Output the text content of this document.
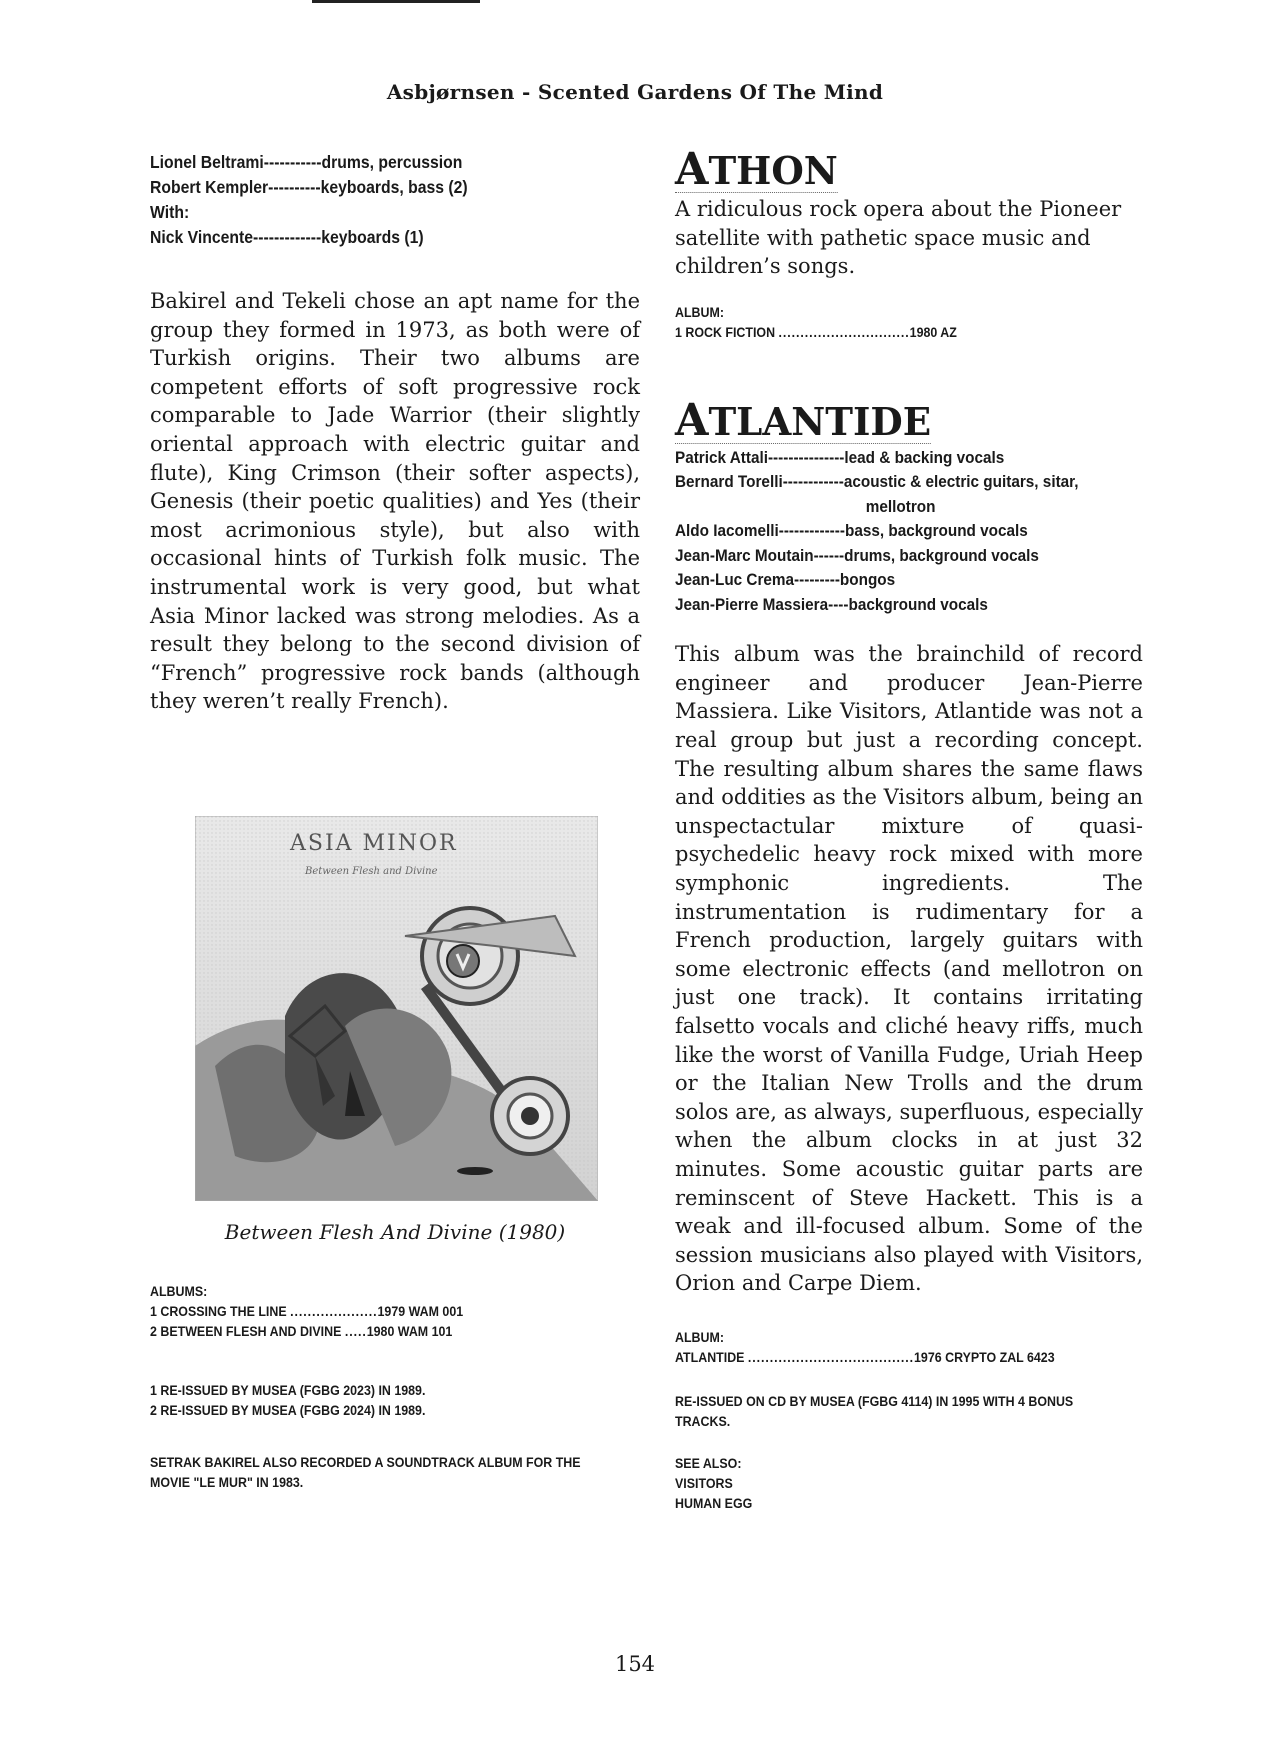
Asbjørnsen - Scented Gardens Of The Mind
Lionel Beltrami-----------drums, percussion
Robert Kempler----------keyboards, bass (2)
With:
Nick Vincente-------------keyboards (1)

Bakirel and Tekeli chose an apt name for the group they formed in 1973, as both were of Turkish origins. Their two albums are competent efforts of soft progressive rock comparable to Jade Warrior (their slightly oriental approach with electric guitar and flute), King Crimson (their softer aspects), Genesis (their poetic qualities) and Yes (their most acrimonious style), but also with occasional hints of Turkish folk music. The instrumental work is very good, but what Asia Minor lacked was strong melodies. As a result they belong to the second division of “French” progressive rock bands (although they weren’t really French).

ASIA MINOR
Between Flesh and Divine
Between Flesh And Divine (1980)
ALBUMS:
1 CROSSING THE LINE ....................1979 WAM 001
2 BETWEEN FLESH AND DIVINE .....1980 WAM 101
1 RE-ISSUED BY MUSEA (FGBG 2023) IN 1989.
2 RE-ISSUED BY MUSEA (FGBG 2024) IN 1989.
SETRAK BAKIREL ALSO RECORDED A SOUNDTRACK ALBUM FOR THE MOVIE "LE MUR" IN 1983.
ATHON

A ridiculous rock opera about the Pioneer satellite with pathetic space music and children’s songs.

ALBUM:
1 ROCK FICTION ..............................1980 AZ
ATLANTIDE
Patrick Attali---------------lead & backing vocals
Bernard Torelli------------acoustic & electric guitars, sitar,
mellotron
Aldo Iacomelli-------------bass, background vocals
Jean-Marc Moutain------drums, background vocals
Jean-Luc Crema---------bongos
Jean-Pierre Massiera----background vocals

This album was the brainchild of record engineer and producer Jean-Pierre Massiera. Like Visitors, Atlantide was not a real group but just a recording concept. The resulting album shares the same flaws and oddities as the Visitors album, being an unspectactular mixture of quasi-psychedelic heavy rock mixed with more symphonic ingredients. The instrumentation is rudimentary for a French production, largely guitars with some electronic effects (and mellotron on just one track). It contains irritating falsetto vocals and cliché heavy riffs, much like the worst of Vanilla Fudge, Uriah Heep or the Italian New Trolls and the drum solos are, as always, superfluous, especially when the album clocks in at just 32 minutes. Some acoustic guitar parts are reminscent of Steve Hackett. This is a weak and ill-focused album. Some of the session musicians also played with Visitors, Orion and Carpe Diem.

ALBUM:
ATLANTIDE ......................................1976 CRYPTO ZAL 6423
RE-ISSUED ON CD BY MUSEA (FGBG 4114) IN 1995 WITH 4 BONUS TRACKS.
SEE ALSO:
VISITORS
HUMAN EGG
154
